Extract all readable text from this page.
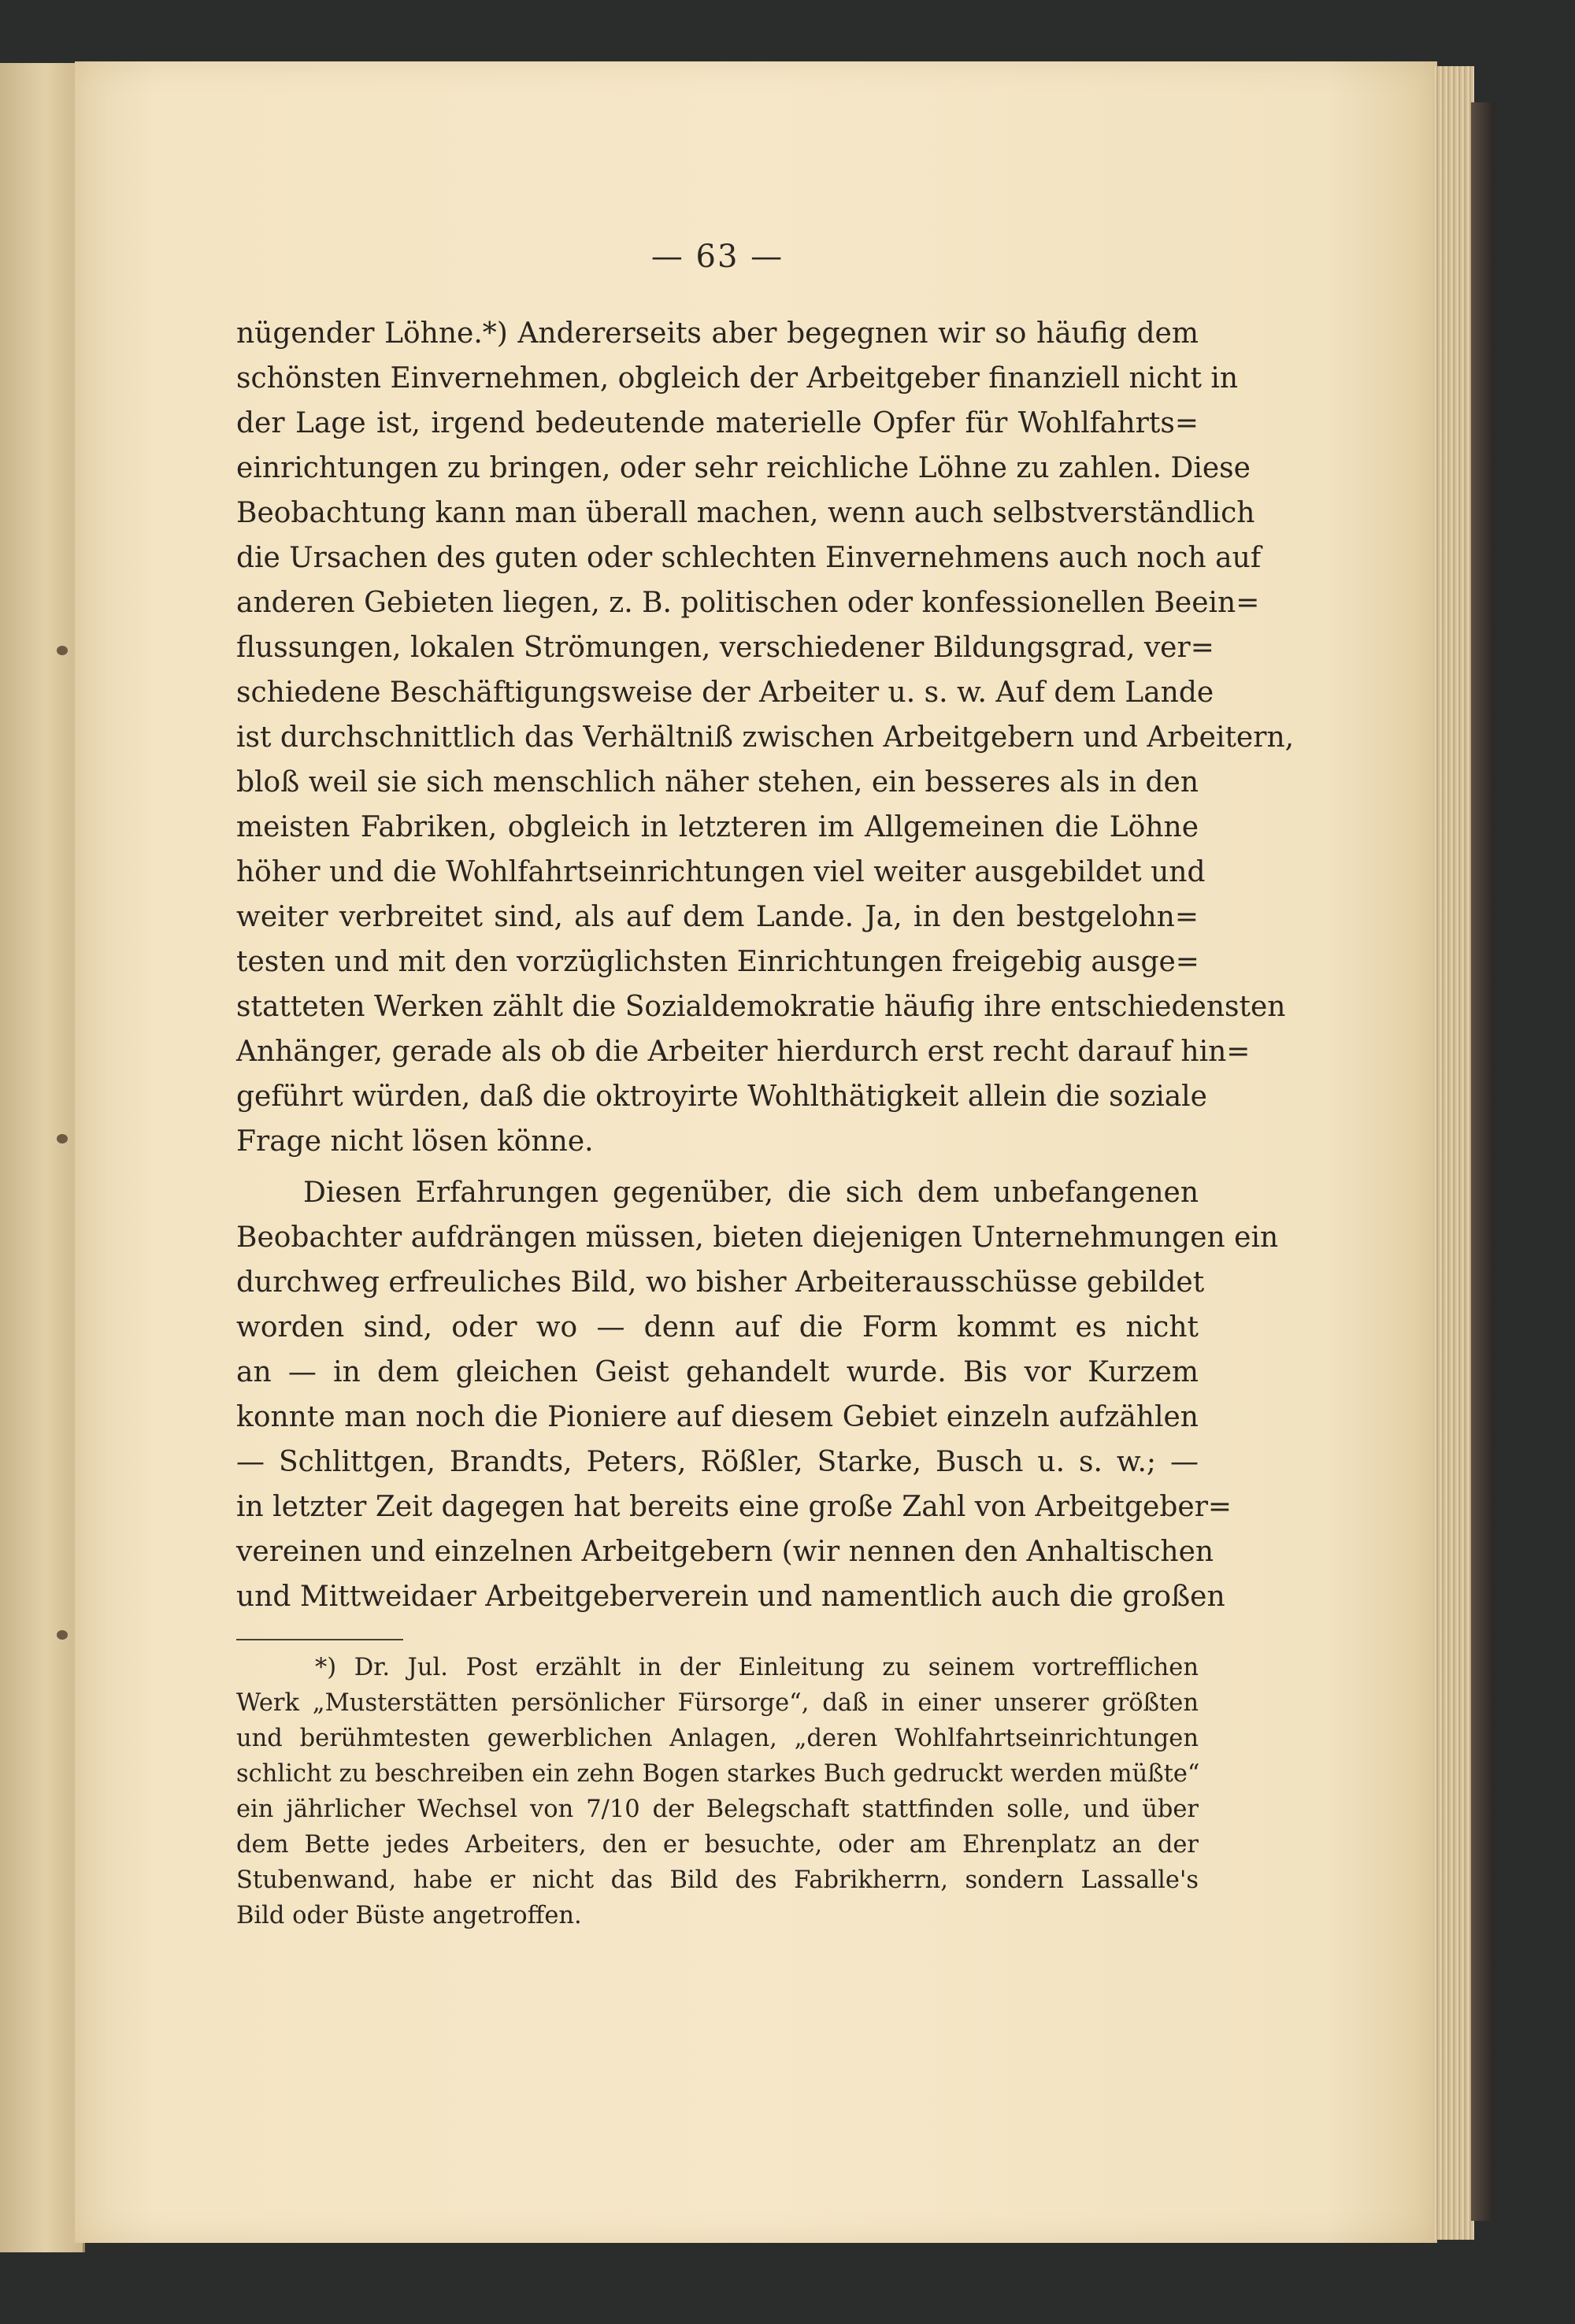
— 63 —
nügender Löhne.*) Andererseits aber begegnen wir so häufig dem
schönsten Einvernehmen, obgleich der Arbeitgeber finanziell nicht in
der Lage ist, irgend bedeutende materielle Opfer für Wohlfahrts=
einrichtungen zu bringen, oder sehr reichliche Löhne zu zahlen. Diese
Beobachtung kann man überall machen, wenn auch selbstverständlich
die Ursachen des guten oder schlechten Einvernehmens auch noch auf
anderen Gebieten liegen, z. B. politischen oder konfessionellen Beein=
flussungen, lokalen Strömungen, verschiedener Bildungsgrad, ver=
schiedene Beschäftigungsweise der Arbeiter u. s. w. Auf dem Lande
ist durchschnittlich das Verhältniß zwischen Arbeitgebern und Arbeitern,
bloß weil sie sich menschlich näher stehen, ein besseres als in den
meisten Fabriken, obgleich in letzteren im Allgemeinen die Löhne
höher und die Wohlfahrtseinrichtungen viel weiter ausgebildet und
weiter verbreitet sind, als auf dem Lande. Ja, in den bestgelohn=
testen und mit den vorzüglichsten Einrichtungen freigebig ausge=
statteten Werken zählt die Sozialdemokratie häufig ihre entschiedensten
Anhänger, gerade als ob die Arbeiter hierdurch erst recht darauf hin=
geführt würden, daß die oktroyirte Wohlthätigkeit allein die soziale
Frage nicht lösen könne.
Diesen Erfahrungen gegenüber, die sich dem unbefangenen
Beobachter aufdrängen müssen, bieten diejenigen Unternehmungen ein
durchweg erfreuliches Bild, wo bisher Arbeiterausschüsse gebildet
worden sind, oder wo — denn auf die Form kommt es nicht
an — in dem gleichen Geist gehandelt wurde. Bis vor Kurzem
konnte man noch die Pioniere auf diesem Gebiet einzeln aufzählen
— Schlittgen, Brandts, Peters, Rößler, Starke, Busch u. s. w.; —
in letzter Zeit dagegen hat bereits eine große Zahl von Arbeitgeber=
vereinen und einzelnen Arbeitgebern (wir nennen den Anhaltischen
und Mittweidaer Arbeitgeberverein und namentlich auch die großen
*) Dr. Jul. Post erzählt in der Einleitung zu seinem vortrefflichen
Werk „Musterstätten persönlicher Fürsorge“, daß in einer unserer größten
und berühmtesten gewerblichen Anlagen, „deren Wohlfahrtseinrichtungen
schlicht zu beschreiben ein zehn Bogen starkes Buch gedruckt werden müßte“
ein jährlicher Wechsel von 7/10 der Belegschaft stattfinden solle, und über
dem Bette jedes Arbeiters, den er besuchte, oder am Ehrenplatz an der
Stubenwand, habe er nicht das Bild des Fabrikherrn, sondern Lassalle's
Bild oder Büste angetroffen.
